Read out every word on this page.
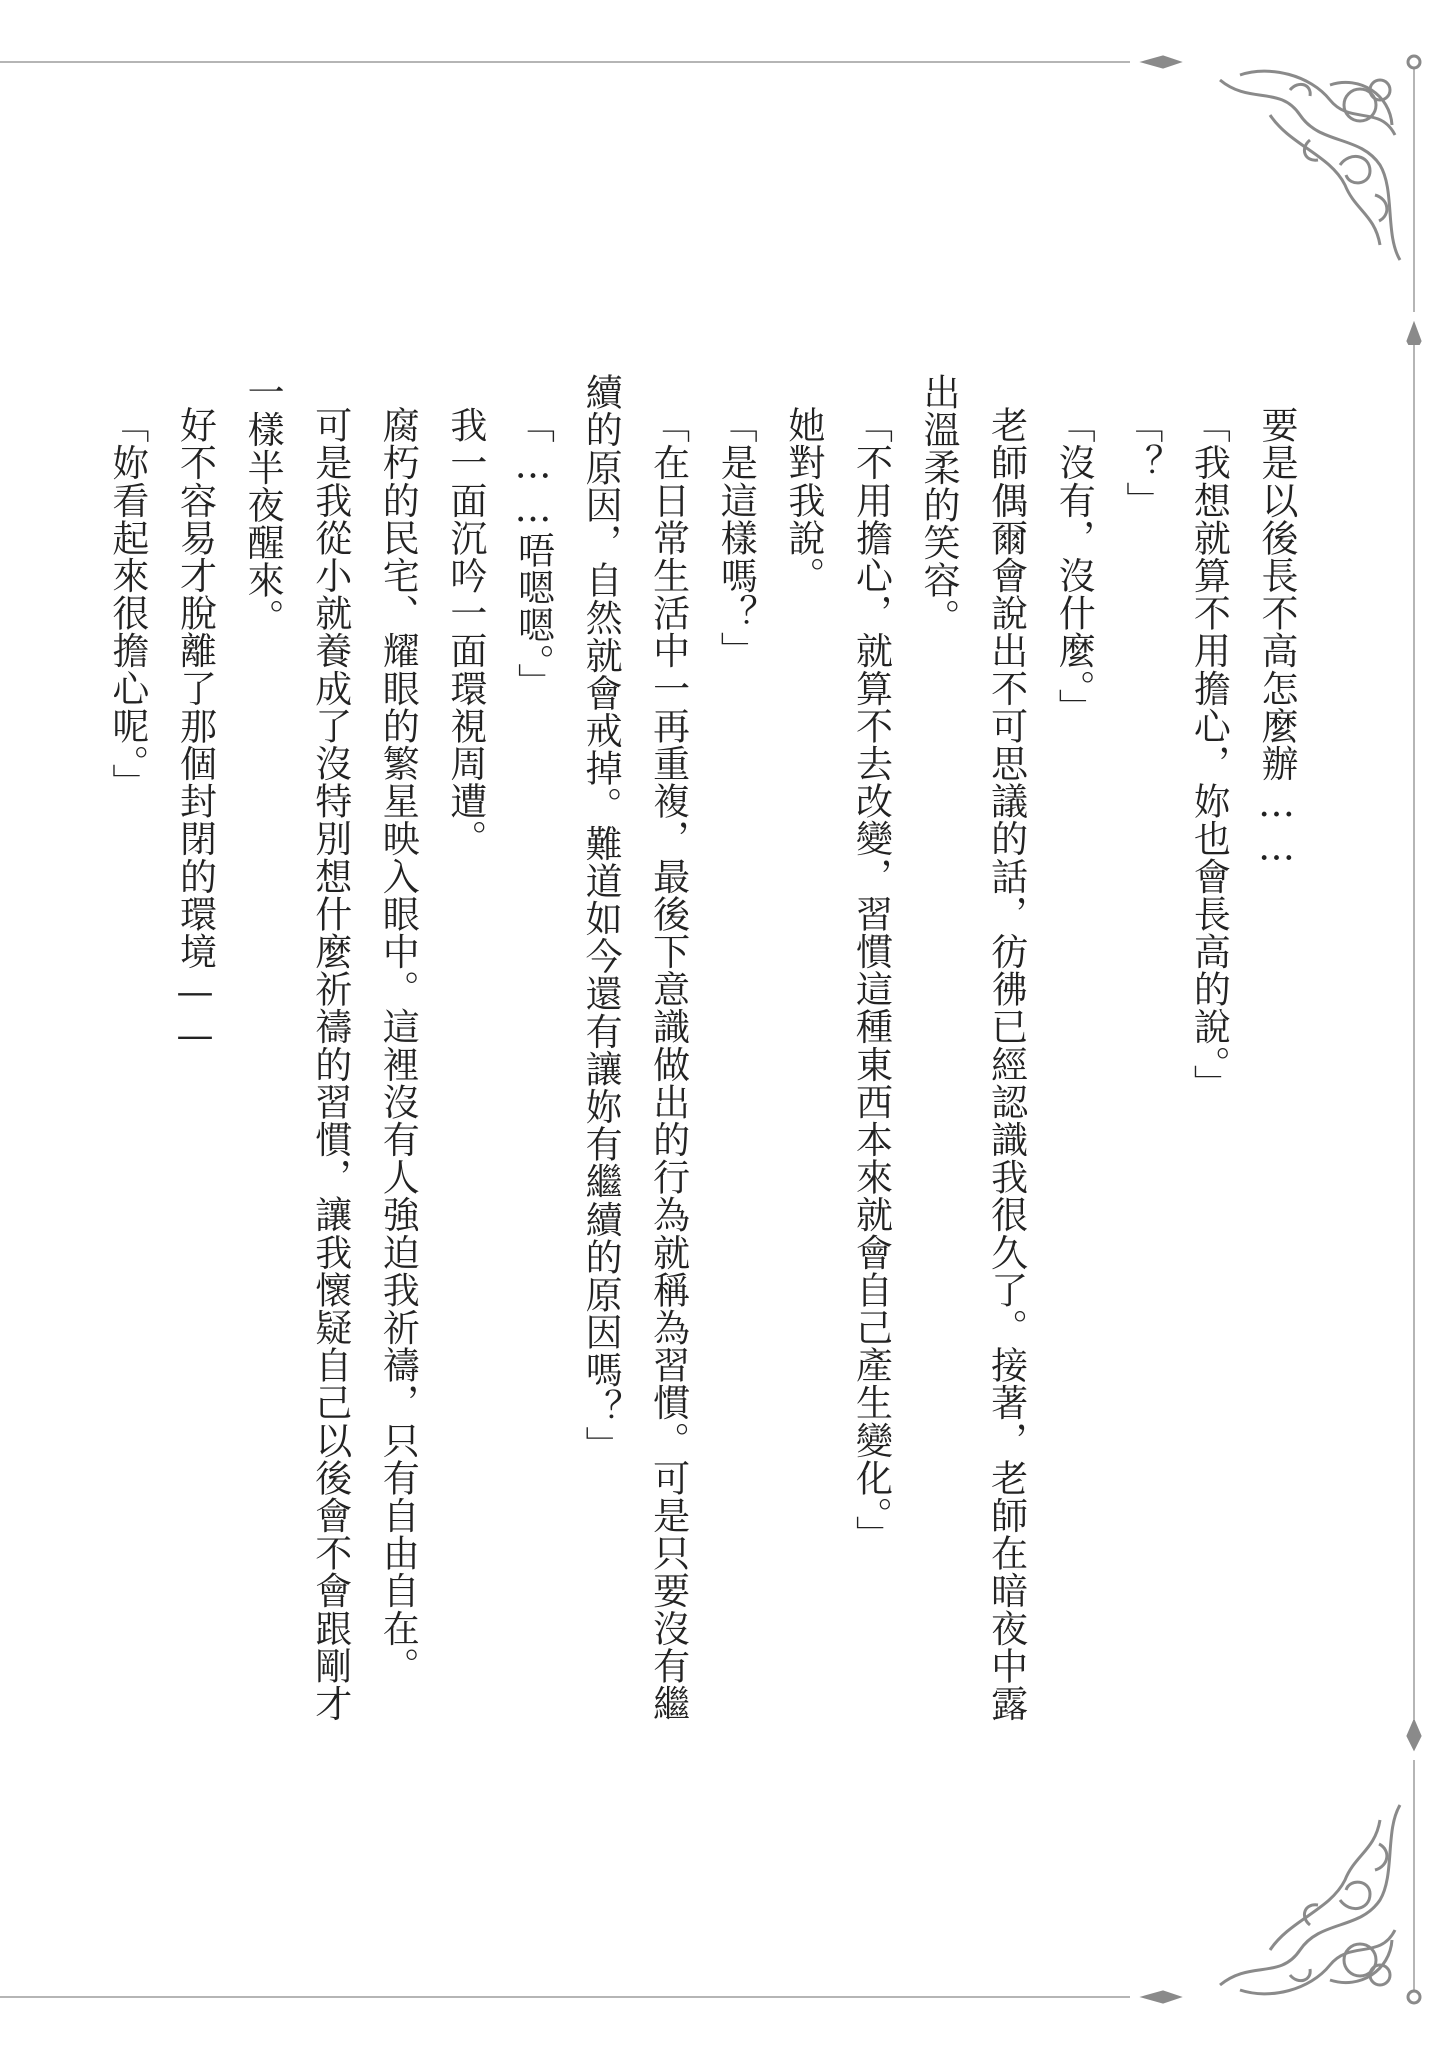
要是以後長不高怎麼辦……
「我想就算不用擔心，妳也會長高的說。」
「？」
「沒有，沒什麼。」
老師偶爾會說出不可思議的話，彷彿已經認識我很久了。接著，老師在暗夜中露
出溫柔的笑容。
「不用擔心，就算不去改變，習慣這種東西本來就會自己產生變化。」
她對我說。
「是這樣嗎？」
「在日常生活中一再重複，最後下意識做出的行為就稱為習慣。可是只要沒有繼
續的原因，自然就會戒掉。難道如今還有讓妳有繼續的原因嗎？」
「……唔嗯嗯。」
我一面沉吟一面環視周遭。
腐朽的民宅、耀眼的繁星映入眼中。這裡沒有人強迫我祈禱，只有自由自在。
可是我從小就養成了沒特別想什麼祈禱的習慣，讓我懷疑自己以後會不會跟剛才
一樣半夜醒來。
好不容易才脫離了那個封閉的環境——
「妳看起來很擔心呢。」
